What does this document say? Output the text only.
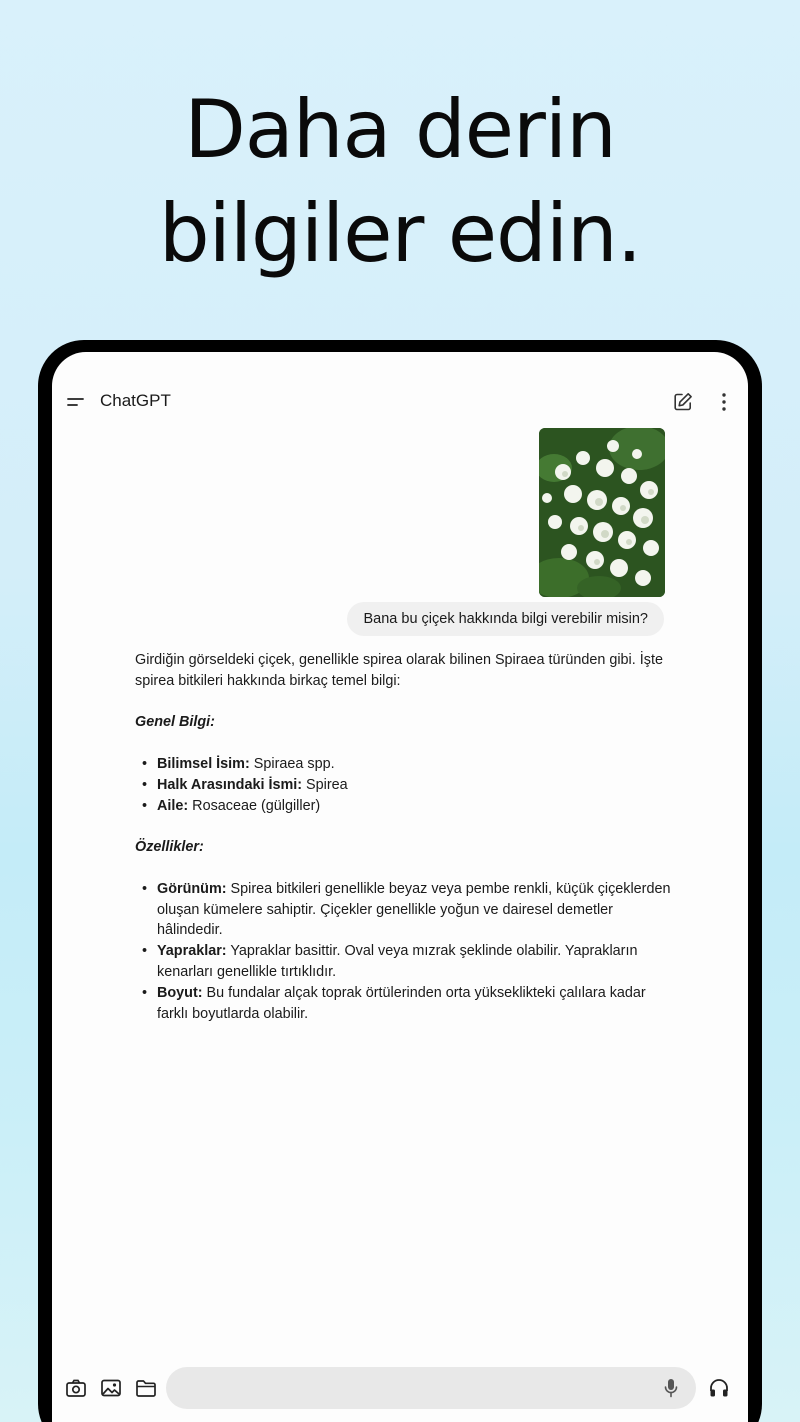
Daha derin
bilgiler edin.
ChatGPT
Bana bu çiçek hakkında bilgi verebilir misin?

Girdiğin görseldeki çiçek, genellikle spirea olarak bilinen Spiraea türünden gibi. İşte spirea bitkileri hakkında birkaç temel bilgi:

Genel Bilgi:
• Bilimsel İsim: Spiraea spp.
• Halk Arasındaki İsmi: Spirea
• Aile: Rosaceae (gülgiller)
Özellikler:
• Görünüm: Spirea bitkileri genellikle beyaz veya pembe renkli, küçük çiçeklerden oluşan kümelere sahiptir. Çiçekler genellikle yoğun ve dairesel demetler hâlindedir.
• Yapraklar: Yapraklar basittir. Oval veya mızrak şeklinde olabilir. Yaprakların kenarları genellikle tırtıklıdır.
• Boyut: Bu fundalar alçak toprak örtülerinden orta yükseklikteki çalılara kadar farklı boyutlarda olabilir.
